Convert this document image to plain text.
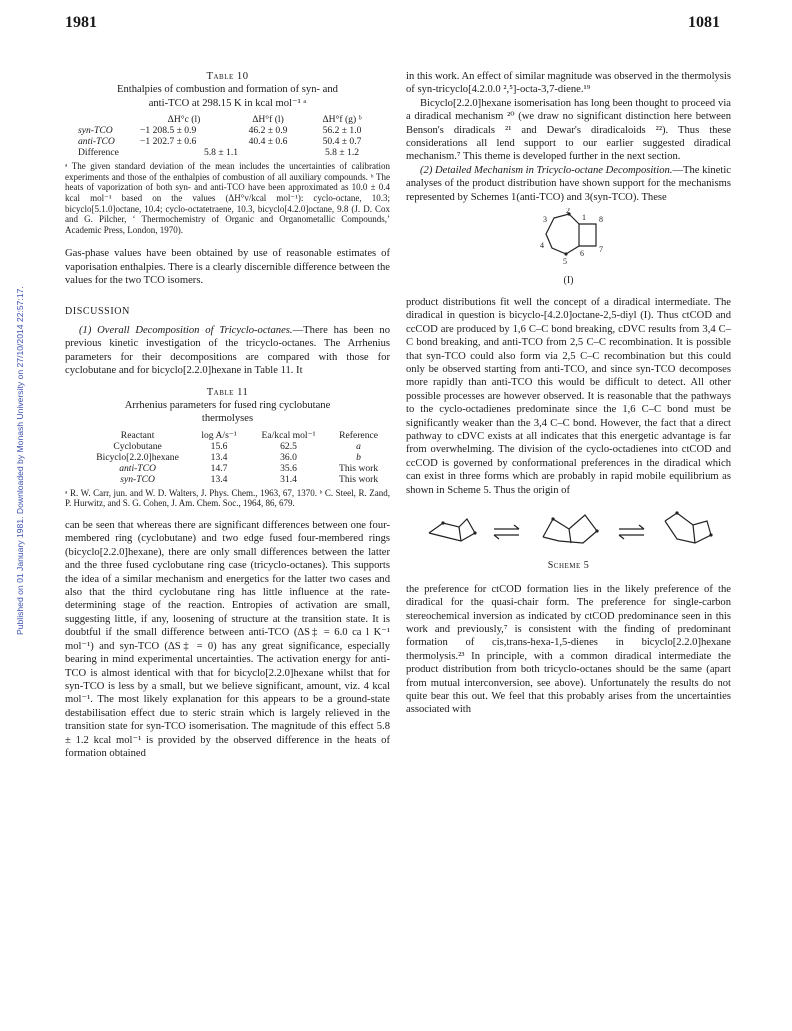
1981	1081
Published on 01 January 1981. Downloaded by Monash University on 27/10/2014 22:57:17.
Table 10
Enthalpies of combustion and formation of syn- and
anti-TCO at 298.15 K in kcal mol⁻¹ ᵃ
	ΔH°c (l)	ΔH°f (l)	ΔH°f (g) ᵇ
syn-TCO	−1 208.5 ± 0.9	46.2 ± 0.9	56.2 ± 1.0
anti-TCO	−1 202.7 ± 0.6	40.4 ± 0.6	50.4 ± 0.7
Difference	5.8 ± 1.1		5.8 ± 1.2

ᵃ The given standard deviation of the mean includes the uncertainties of calibration experiments and those of the enthalpies of combustion of all auxiliary compounds. ᵇ The heats of vaporization of both syn- and anti-TCO have been approximated as 10.0 ± 0.4 kcal mol⁻¹ based on the values (ΔH°v/kcal mol⁻¹): cyclo-octane, 10.3; bicyclo[5.1.0]octane, 10.4; cyclo-octatetraene, 10.3, bicyclo[4.2.0]octane, 9.8 (J. D. Cox and G. Pilcher, ‘ Thermochemistry of Organic and Organometallic Compounds,’ Academic Press, London, 1970).

Gas-phase values have been obtained by use of reasonable estimates of vaporisation enthalpies. There is a clearly discernible difference between the values for the two TCO isomers.

DISCUSSION

(1) Overall Decomposition of Tricyclo-octanes.—There has been no previous kinetic investigation of the tricyclo-octanes. The Arrhenius parameters for their decompositions are compared with those for cyclobutane and for bicyclo[2.2.0]hexane in Table 11. It

Table 11
Arrhenius parameters for fused ring cyclobutane
thermolyses
Reactant	log A/s⁻¹	Ea/kcal mol⁻¹	Reference
Cyclobutane	15.6	62.5	a
Bicyclo[2.2.0]hexane	13.4	36.0	b
anti-TCO	14.7	35.6	This work
syn-TCO	13.4	31.4	This work

ᵃ R. W. Carr, jun. and W. D. Walters, J. Phys. Chem., 1963, 67, 1370. ᵇ C. Steel, R. Zand, P. Hurwitz, and S. G. Cohen, J. Am. Chem. Soc., 1964, 86, 679.

can be seen that whereas there are significant differences between one four-membered ring (cyclobutane) and two edge fused four-membered rings (bicyclo[2.2.0]hexane), there are only small differences between the latter and the three fused cyclobutane ring case (tricyclo-octanes). This supports the idea of a similar mechanism and energetics for the latter two cases and also that the third cyclobutane ring has little influence at the rate-determining stage of the reaction. Entropies of activation are small, suggesting little, if any, loosening of structure at the transition state. It is doubtful if the small difference between anti-TCO (ΔS‡ = 6.0 ca l K⁻¹ mol⁻¹) and syn-TCO (ΔS‡ = 0) has any great significance, especially bearing in mind experimental uncertainties. The activation energy for anti-TCO is almost identical with that for bicyclo[2.2.0]hexane whilst that for syn-TCO is less by a small, but we believe significant, amount, viz. 4 kcal mol⁻¹. The most likely explanation for this appears to be a ground-state destabilisation effect due to steric strain which is largely relieved in the transition state for syn-TCO isomerisation. The magnitude of this effect 5.8 ± 1.2 kcal mol⁻¹ is provided by the observed difference in the heats of formation obtained

in this work. An effect of similar magnitude was observed in the thermolysis of syn-tricyclo[4.2.0.0 ²,⁵]-octa-3,7-diene.¹⁹

Bicyclo[2.2.0]hexane isomerisation has long been thought to proceed via a diradical mechanism ²⁰ (we draw no significant distinction here between Benson's diradicals ²¹ and Dewar's diradicaloids ²²). Thus these considerations all lend support to our earlier suggested diradical mechanism.⁷ This theme is developed further in the next section.

(2) Detailed Mechanism in Tricyclo-octane Decomposition.—The kinetic analyses of the product distribution have shown support for the mechanisms represented by Schemes 1(anti-TCO) and 3(syn-TCO). These

1
2
3
4
5
6 7
8
(I)

product distributions fit well the concept of a diradical intermediate. The diradical in question is bicyclo-[4.2.0]octane-2,5-diyl (I). Thus ctCOD and ccCOD are produced by 1,6 C–C bond breaking, cDVC results from 3,4 C–C bond breaking, and anti-TCO from 2,5 C–C recombination. It is possible that syn-TCO could also form via 2,5 C–C recombination but this could only be observed starting from anti-TCO, and since syn-TCO decomposes more rapidly than anti-TCO this would be difficult to detect. All other possible processes are however observed. It is reasonable that the pathways to the cyclo-octadienes predominate since the 1,6 C–C bond must be significantly weaker than the 3,4 C–C bond. However, the fact that a direct pathway to cDVC exists at all indicates that this energetic advantage is far from overwhelming. The division of the cyclo-octadienes into ctCOD and ccCOD is governed by conformational preferences in the diradical which can exist in three forms which are probably in rapid mobile equilibrium as shown in Scheme 5. Thus the origin of

Scheme 5

the preference for ctCOD formation lies in the likely preference of the diradical for the quasi-chair form. The preference for single-carbon stereochemical inversion as indicated by ctCOD predominance seen in this work and previously,⁷ is consistent with the finding of predominant formation of cis,trans-hexa-1,5-dienes in bicyclo[2.2.0]hexane thermolysis.²³ In principle, with a common diradical intermediate the product distribution from both tricyclo-octanes should be the same (apart from mutual interconversion, see above). Unfortunately the results do not quite bear this out. We feel that this probably arises from the uncertainties associated with
